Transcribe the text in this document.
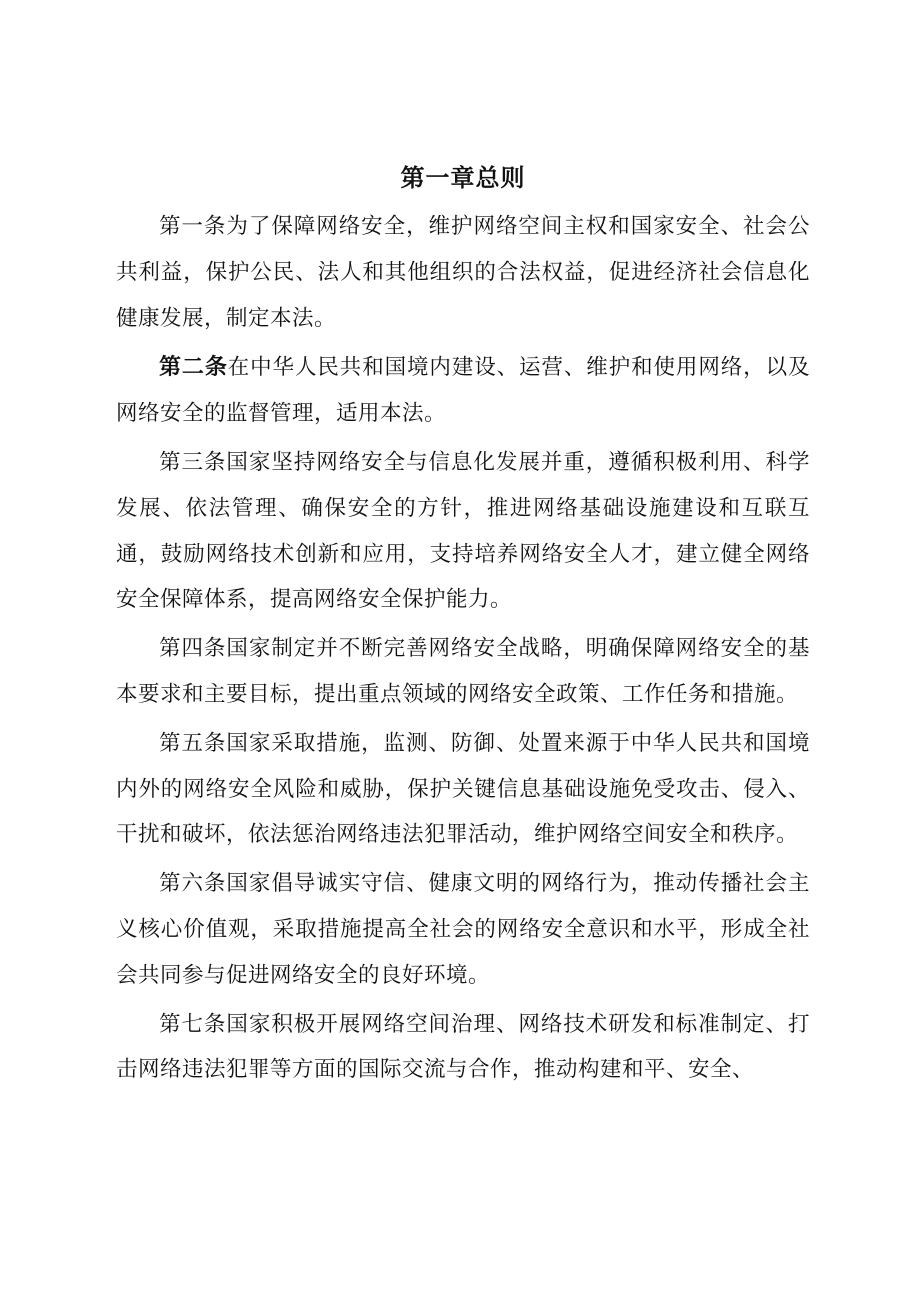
第一章总则

第一条为了保障网络安全，维护网络空间主权和国家安全、社会公共利益，保护公民、法人和其他组织的合法权益，促进经济社会信息化健康发展，制定本法。

第二条在中华人民共和国境内建设、运营、维护和使用网络，以及网络安全的监督管理，适用本法。

第三条国家坚持网络安全与信息化发展并重，遵循积极利用、科学发展、依法管理、确保安全的方针，推进网络基础设施建设和互联互通，鼓励网络技术创新和应用，支持培养网络安全人才，建立健全网络安全保障体系，提高网络安全保护能力。

第四条国家制定并不断完善网络安全战略，明确保障网络安全的基本要求和主要目标，提出重点领域的网络安全政策、工作任务和措施。

第五条国家采取措施，监测、防御、处置来源于中华人民共和国境内外的网络安全风险和威胁，保护关键信息基础设施免受攻击、侵入、干扰和破坏，依法惩治网络违法犯罪活动，维护网络空间安全和秩序。

第六条国家倡导诚实守信、健康文明的网络行为，推动传播社会主义核心价值观，采取措施提高全社会的网络安全意识和水平，形成全社会共同参与促进网络安全的良好环境。

第七条国家积极开展网络空间治理、网络技术研发和标准制定、打击网络违法犯罪等方面的国际交流与合作，推动构建和平、安全、
